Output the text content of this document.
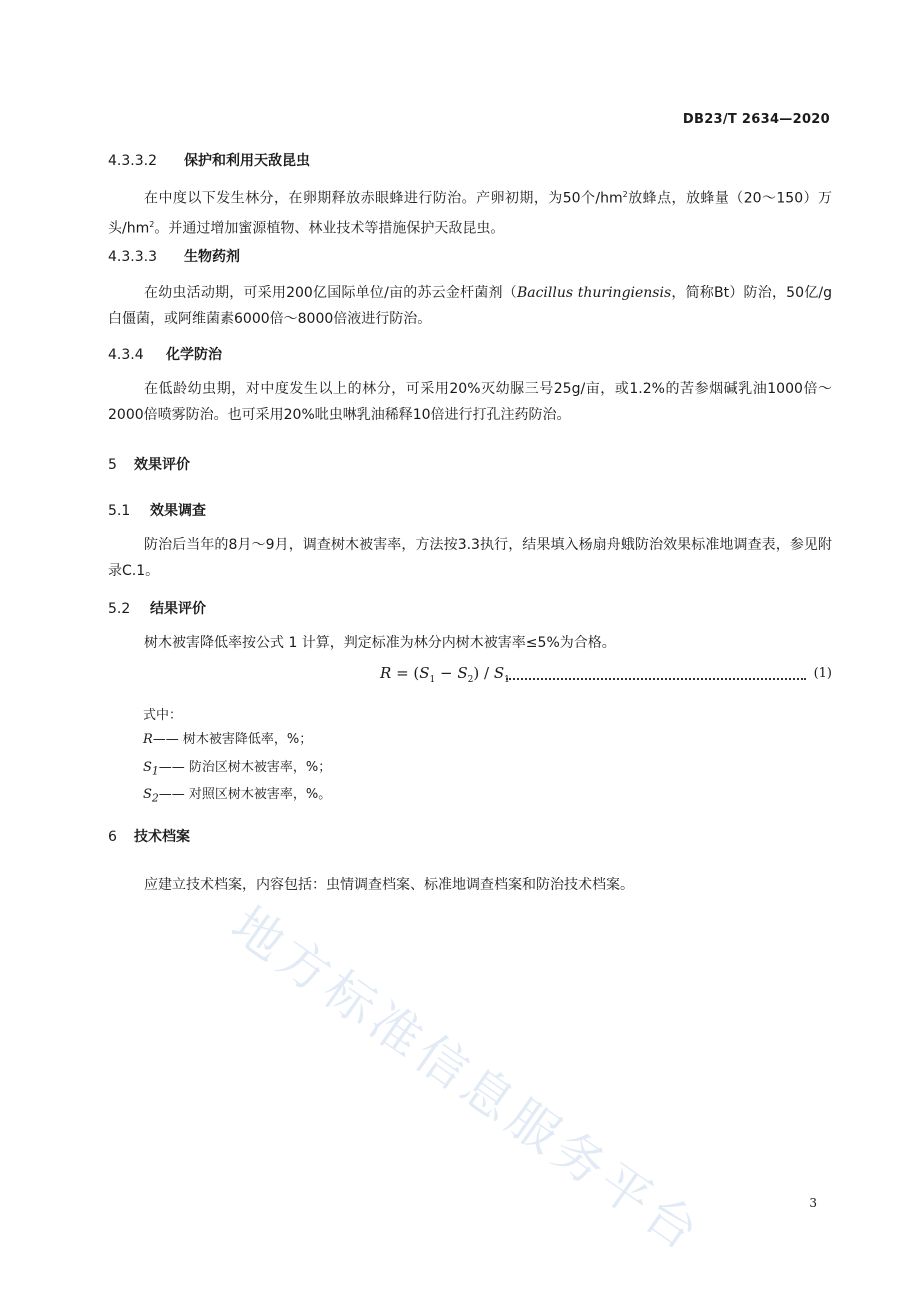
DB23/T 2634—2020
4.3.3.2 保护和利用天敌昆虫
在中度以下发生林分，在卵期释放赤眼蜂进行防治。产卵初期，为50个$/hm^2$放蜂点，放蜂量（20～150）万头$/hm^2$。并通过增加蜜源植物、林业技术等措施保护天敌昆虫。
4.3.3.3 生物药剂
在幼虫活动期，可采用200亿国际单位/亩的苏云金杆菌剂（Bacillus thuringiensis，简称Bt）防治，50亿/g白僵菌，或阿维菌素6000倍～8000倍液进行防治。
4.3.4 化学防治
在低龄幼虫期，对中度发生以上的林分，可采用20%灭幼脲三号25g/亩，或1.2%的苦参烟碱乳油1000倍～2000倍喷雾防治。也可采用20%吡虫啉乳油稀释10倍进行打孔注药防治。
5 效果评价
5.1 效果调查
防治后当年的8月～9月，调查树木被害率，方法按3.3执行，结果填入杨扇舟蛾防治效果标准地调查表，参见附录C.1。
5.2 结果评价
树木被害降低率按公式 1 计算，判定标准为林分内树木被害率≤5%为合格。
$R = (S_1 - S_2) / S_1$	(1)
式中：
R—— 树木被害降低率，%；
$S_1——$ 防治区树木被害率，%；
$S_2——$ 对照区树木被害率，%。
6 技术档案
应建立技术档案，内容包括：虫情调查档案、标准地调查档案和防治技术档案。
地方标准信息服务平台	3
